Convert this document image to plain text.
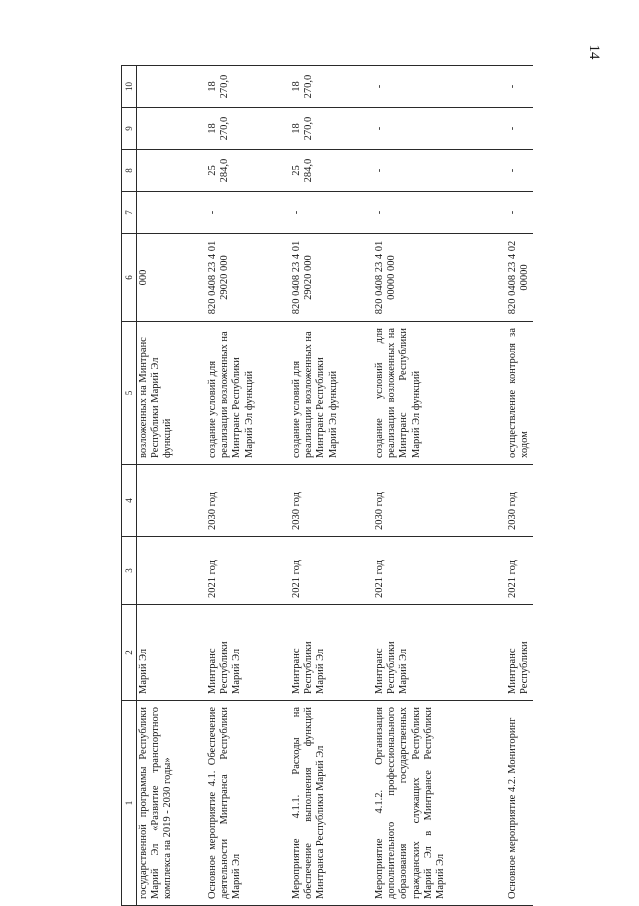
14
1	2	3	4	5	6	7	8	9	10
государственной программы Республики Марий Эл «Развитие транспортного комплекса на 2019 - 2030 годы»	Марий Эл			возложенных на Минтранс Республики Марий Эл функций	000				
Основное мероприятие 4.1. Обеспечение деятельности Минтранса Республики Марий Эл	Минтранс Республики Марий Эл	2021 год	2030 год	создание условий для реализации возложенных на Минтранс Республики Марий Эл функций	820 0408 23 4 01 29020 000	-	25 284,0	18 270,0	18 270,0
Мероприятие 4.1.1. Расходы на обеспечение выполнения функций Минтранса Республики Марий Эл	Минтранс Республики Марий Эл	2021 год	2030 год	создание условий для реализации возложенных на Минтранс Республики Марий Эл функций	820 0408 23 4 01 29020 000	-	25 284,0	18 270,0	18 270,0
Мероприятие 4.1.2. Организация дополнительного профессионального образования государственных гражданских служащих Республики Марий Эл в Минтрансе Республики Марий Эл	Минтранс Республики Марий Эл	2021 год	2030 год	создание условий для реализации возложенных на Минтранс Республики Марий Эл функций	820 0408 23 4 01 00000 000	-	-	-	-
Основное мероприятие 4.2. Мониторинг	Минтранс Республики	2021 год	2030 год	осуществление контроля за ходом	820 0408 23 4 02 00000	-	-	-	-
